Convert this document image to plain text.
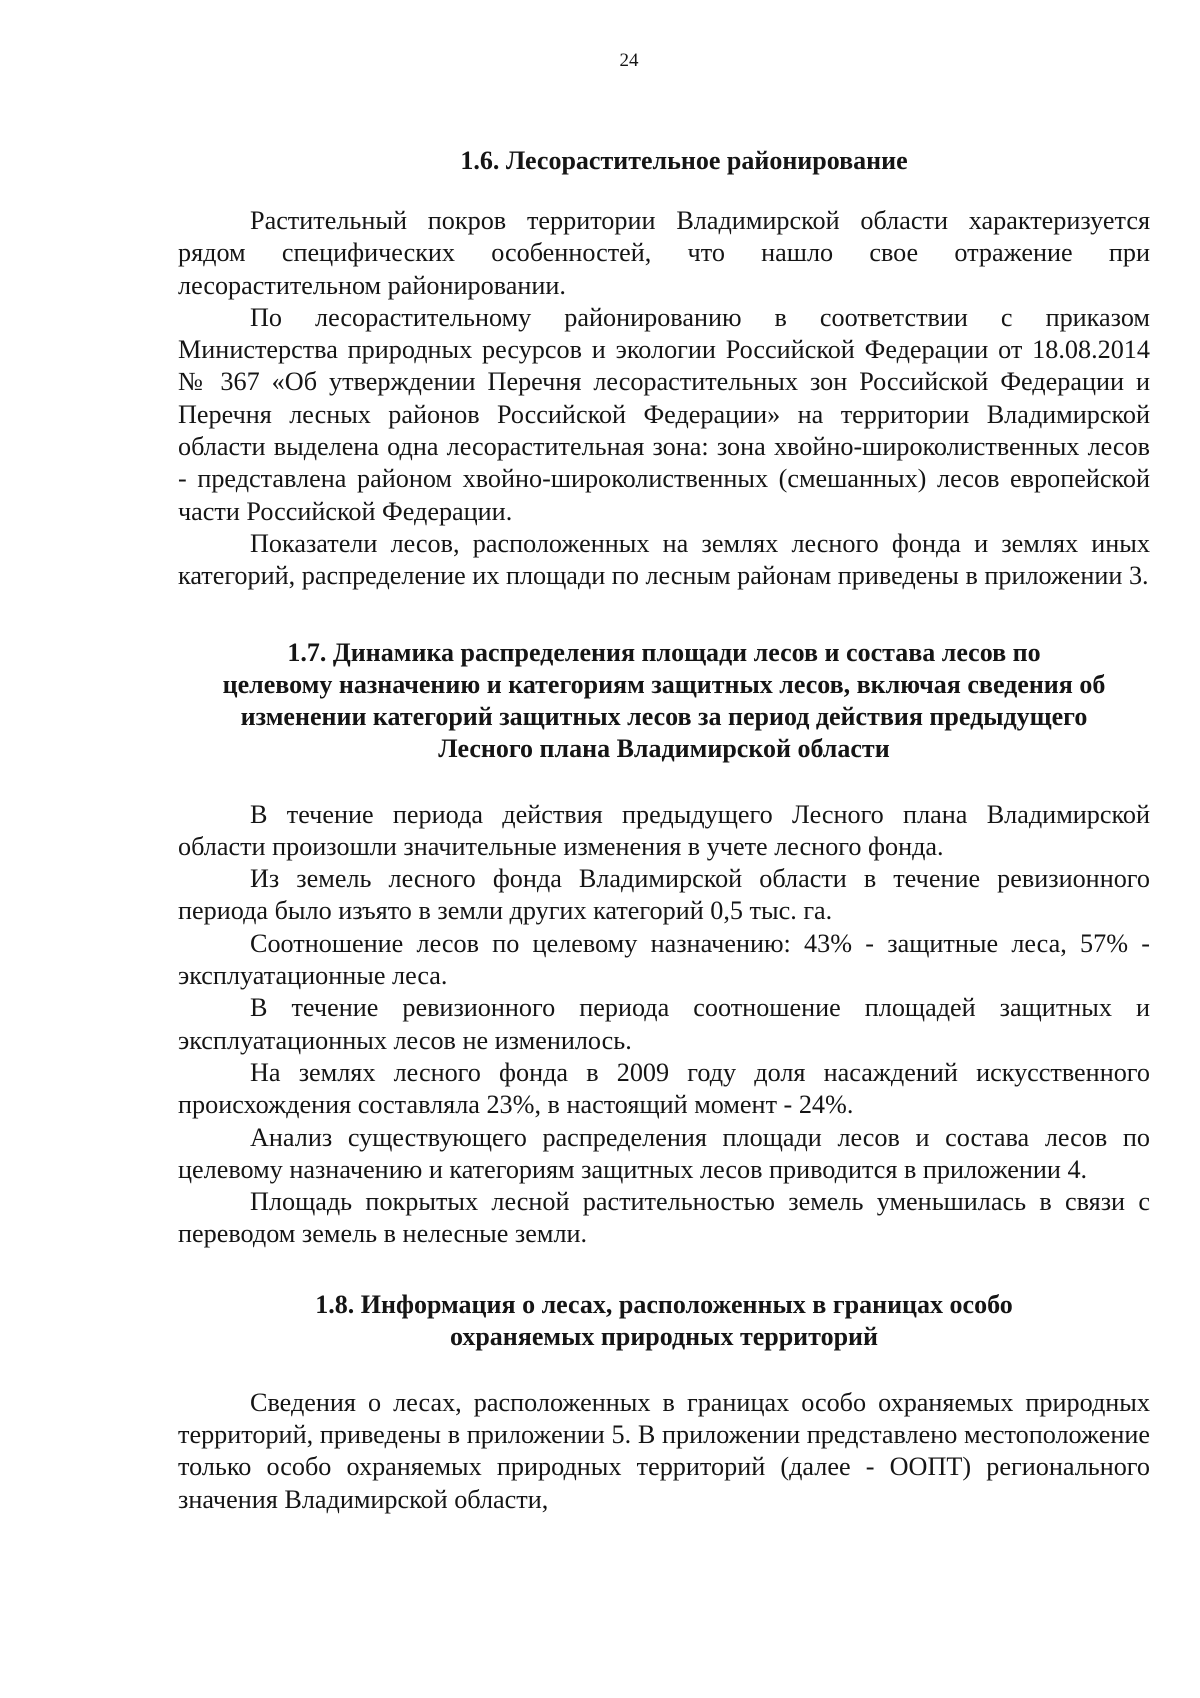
24
1.6. Лесорастительное районирование

Растительный покров территории Владимирской области характеризуется рядом специфических особенностей, что нашло свое отражение при лесорастительном районировании.

По лесорастительному районированию в соответствии с приказом Министерства природных ресурсов и экологии Российской Федерации от 18.08.2014 № 367 «Об утверждении Перечня лесорастительных зон Российской Федерации и Перечня лесных районов Российской Федерации» на территории Владимирской области выделена одна лесорастительная зона: зона хвойно-широколиственных лесов - представлена районом хвойно-широколиственных (смешанных) лесов европейской части Российской Федерации.

Показатели лесов, расположенных на землях лесного фонда и землях иных категорий, распределение их площади по лесным районам приведены в приложении 3.

1.7. Динамика распределения площади лесов и состава лесов по
целевому назначению и категориям защитных лесов, включая сведения об
изменении категорий защитных лесов за период действия предыдущего
Лесного плана Владимирской области

В течение периода действия предыдущего Лесного плана Владимирской области произошли значительные изменения в учете лесного фонда.

Из земель лесного фонда Владимирской области в течение ревизионного периода было изъято в земли других категорий 0,5 тыс. га.

Соотношение лесов по целевому назначению: 43% - защитные леса, 57% - эксплуатационные леса.

В течение ревизионного периода соотношение площадей защитных и эксплуатационных лесов не изменилось.

На землях лесного фонда в 2009 году доля насаждений искусственного происхождения составляла 23%, в настоящий момент - 24%.

Анализ существующего распределения площади лесов и состава лесов по целевому назначению и категориям защитных лесов приводится в приложении 4.

Площадь покрытых лесной растительностью земель уменьшилась в связи с переводом земель в нелесные земли.

1.8. Информация о лесах, расположенных в границах особо
охраняемых природных территорий

Сведения о лесах, расположенных в границах особо охраняемых природных территорий, приведены в приложении 5. В приложении представлено местоположение только особо охраняемых природных территорий (далее - ООПТ) регионального значения Владимирской области,
